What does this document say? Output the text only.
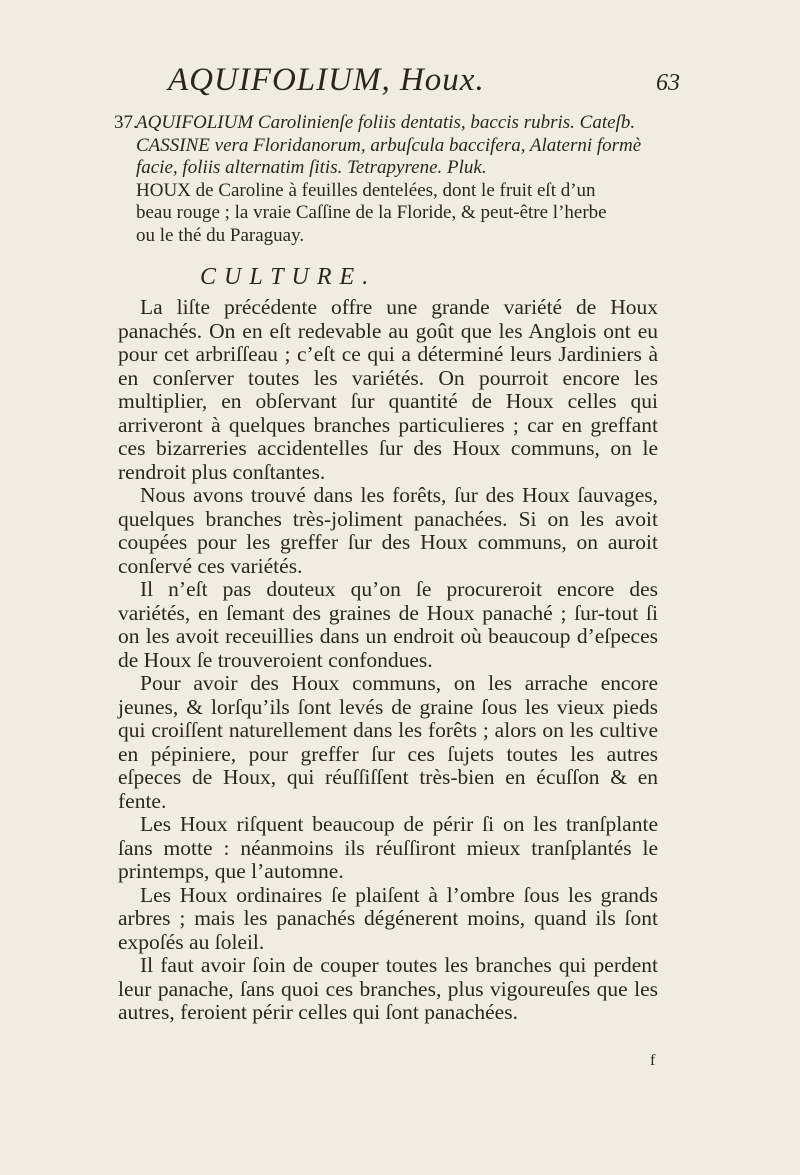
AQUIFOLIUM, Houx.	63
37.
AQUIFOLIUM Carolinienſe foliis dentatis, baccis rubris. Cateſb.
CASSINE vera Floridanorum, arbuſcula baccifera, Alaterni formè
facie, foliis alternatim ſitis. Tetrapyrene. Pluk.
HOUX de Caroline à feuilles dentelées, dont le fruit eſt d’un
beau rouge ; la vraie Caſſine de la Floride, & peut-être l’herbe
ou le thé du Paraguay.
CULTURE.

La liſte précédente offre une grande variété de Houx panachés. On en eſt redevable au goût que les Anglois ont eu pour cet arbriſſeau ; c’eſt ce qui a déterminé leurs Jardiniers à en conſerver toutes les variétés. On pourroit encore les multiplier, en obſervant ſur quantité de Houx celles qui arriveront à quelques branches particulieres ; car en greffant ces bizarreries accidentelles ſur des Houx communs, on le rendroit plus conſtantes.

Nous avons trouvé dans les forêts, ſur des Houx ſauvages, quelques branches très-joliment panachées. Si on les avoit coupées pour les greffer ſur des Houx communs, on auroit conſervé ces variétés.

Il n’eſt pas douteux qu’on ſe procureroit encore des variétés, en ſemant des graines de Houx panaché ; ſur-tout ſi on les avoit receuillies dans un endroit où beaucoup d’eſpeces de Houx ſe trouveroient confondues.

Pour avoir des Houx communs, on les arrache encore jeunes, & lorſqu’ils ſont levés de graine ſous les vieux pieds qui croiſſent naturellement dans les forêts ; alors on les cultive en pépiniere, pour greffer ſur ces ſujets toutes les autres eſpeces de Houx, qui réuſſiſſent très-bien en écuſſon & en fente.

Les Houx riſquent beaucoup de périr ſi on les tranſplante ſans motte : néanmoins ils réuſſiront mieux tranſplantés le printemps, que l’automne.

Les Houx ordinaires ſe plaiſent à l’ombre ſous les grands arbres ; mais les panachés dégénerent moins, quand ils ſont expoſés au ſoleil.

Il faut avoir ſoin de couper toutes les branches qui perdent leur panache, ſans quoi ces branches, plus vigoureuſes que les autres, feroient périr celles qui ſont panachées.

f
